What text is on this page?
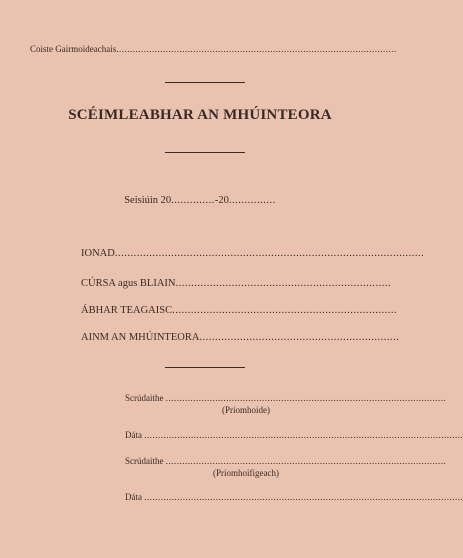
Coiste Gairmoideachais......................................................................................................
SCÉIMLEABHAR AN MHÚINTEORA
Seisiúin 20..............-20...............
IONAD...................................................................................................
CÚRSA agus BLIAIN.....................................................................
ÁBHAR TEAGAISC........................................................................
AINM AN MHÚINTEORA................................................................
Scrúdaithe ......................................................................................................
(Príomhoide)
Dáta ....................................................................................................................
Scrúdaithe ......................................................................................................
(Príomhoifigeach)
Dáta ....................................................................................................................
